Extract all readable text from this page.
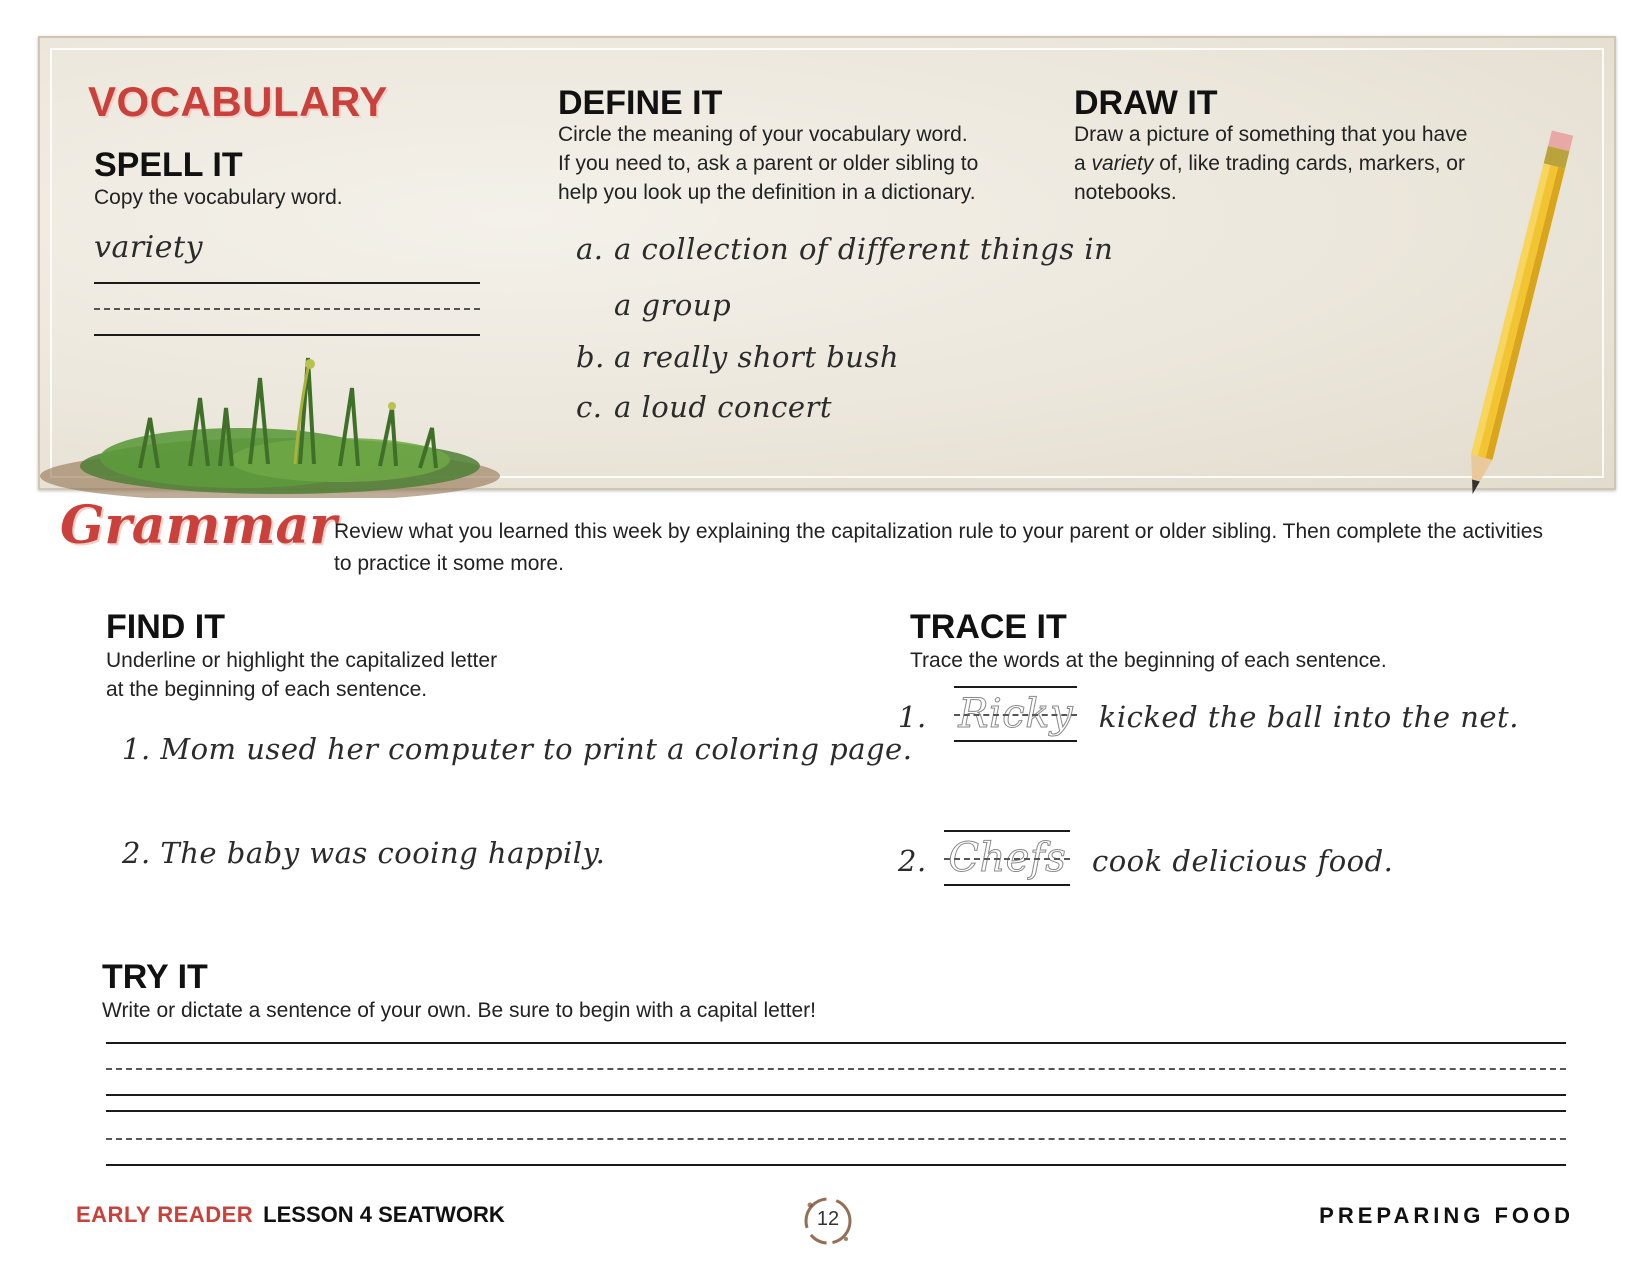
VOCABULARY
SPELL IT
Copy the vocabulary word.
variety
DEFINE IT
Circle the meaning of your vocabulary word.
If you need to, ask a parent or older sibling to
help you look up the definition in a dictionary.
a. a collection of different things in
a group
b. a really short bush
c. a loud concert
DRAW IT
Draw a picture of something that you have
a variety of, like trading cards, markers, or
notebooks.
Grammar
Review what you learned this week by explaining the capitalization rule to your parent or older sibling. Then complete the activities to practice it some more.
FIND IT
Underline or highlight the capitalized letter
at the beginning of each sentence.
1. Mom used her computer to print a coloring page.
2. The baby was cooing happily.
TRACE IT
Trace the words at the beginning of each sentence.
1. Ricky kicked the ball into the net.
2. Chefs cook delicious food.
TRY IT
Write or dictate a sentence of your own. Be sure to begin with a capital letter!
EARLY READER LESSON 4 SEATWORK	12	PREPARING FOOD
